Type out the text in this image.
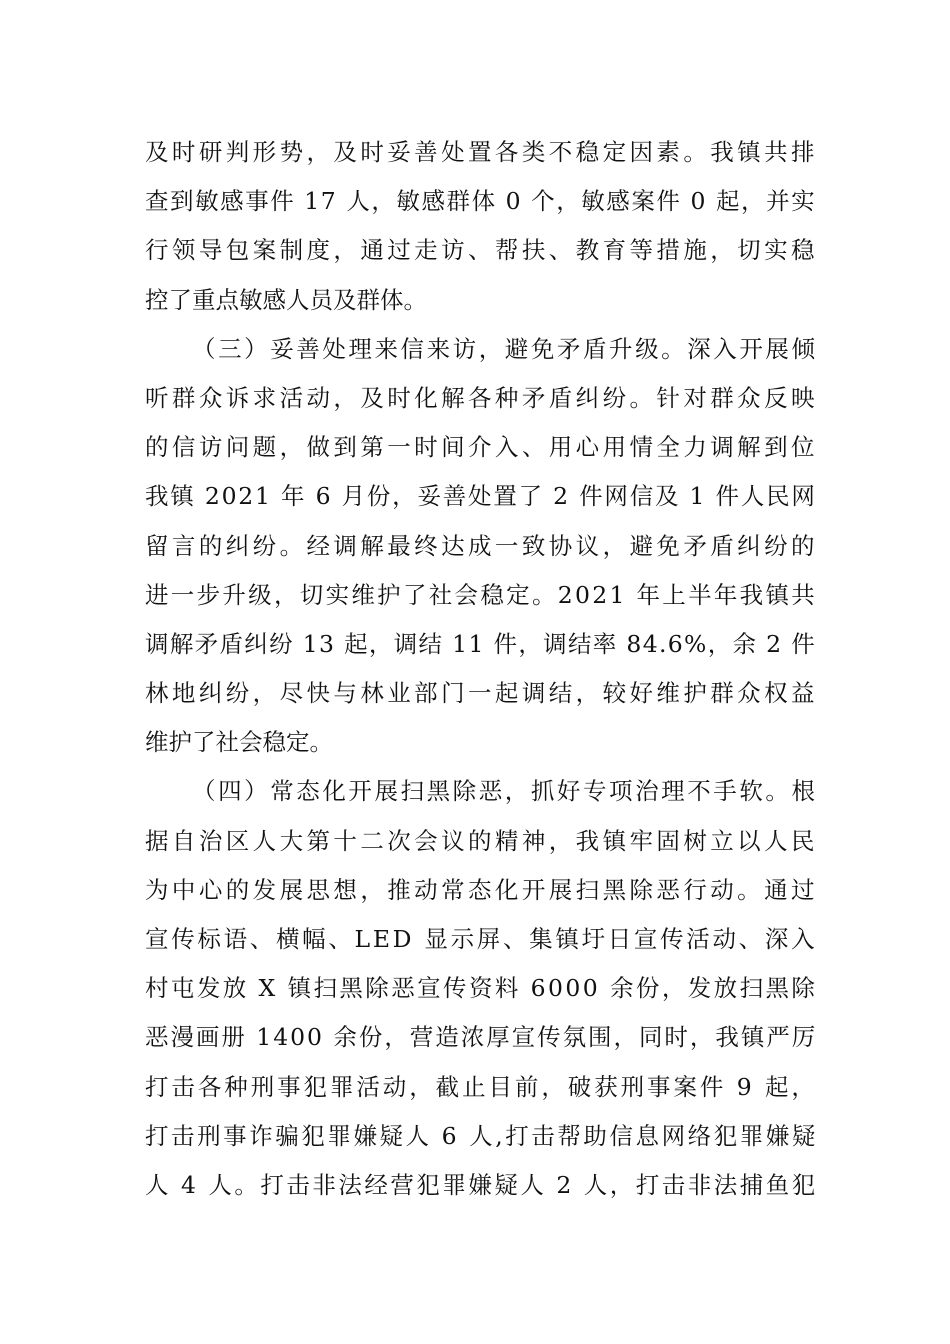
及时研判形势，及时妥善处置各类不稳定因素。我镇共排
查到敏感事件 17 人，敏感群体 0 个，敏感案件 0 起，并实
行领导包案制度，通过走访、帮扶、教育等措施，切实稳
控了重点敏感人员及群体。
（三）妥善处理来信来访，避免矛盾升级。深入开展倾
听群众诉求活动，及时化解各种矛盾纠纷。针对群众反映
的信访问题，做到第一时间介入、用心用情全力调解到位
我镇 2021 年 6 月份，妥善处置了 2 件网信及 1 件人民网
留言的纠纷。经调解最终达成一致协议，避免矛盾纠纷的
进一步升级，切实维护了社会稳定。2021 年上半年我镇共
调解矛盾纠纷 13 起，调结 11 件，调结率 84.6%，余 2 件
林地纠纷，尽快与林业部门一起调结，较好维护群众权益
维护了社会稳定。
（四）常态化开展扫黑除恶，抓好专项治理不手软。根
据自治区人大第十二次会议的精神，我镇牢固树立以人民
为中心的发展思想，推动常态化开展扫黑除恶行动。通过
宣传标语、横幅、LED 显示屏、集镇圩日宣传活动、深入
村屯发放 X 镇扫黑除恶宣传资料 6000 余份，发放扫黑除
恶漫画册 1400 余份，营造浓厚宣传氛围，同时，我镇严厉
打击各种刑事犯罪活动，截止目前，破获刑事案件 9 起，
打击刑事诈骗犯罪嫌疑人 6 人,打击帮助信息网络犯罪嫌疑
人 4 人。打击非法经营犯罪嫌疑人 2 人，打击非法捕鱼犯
